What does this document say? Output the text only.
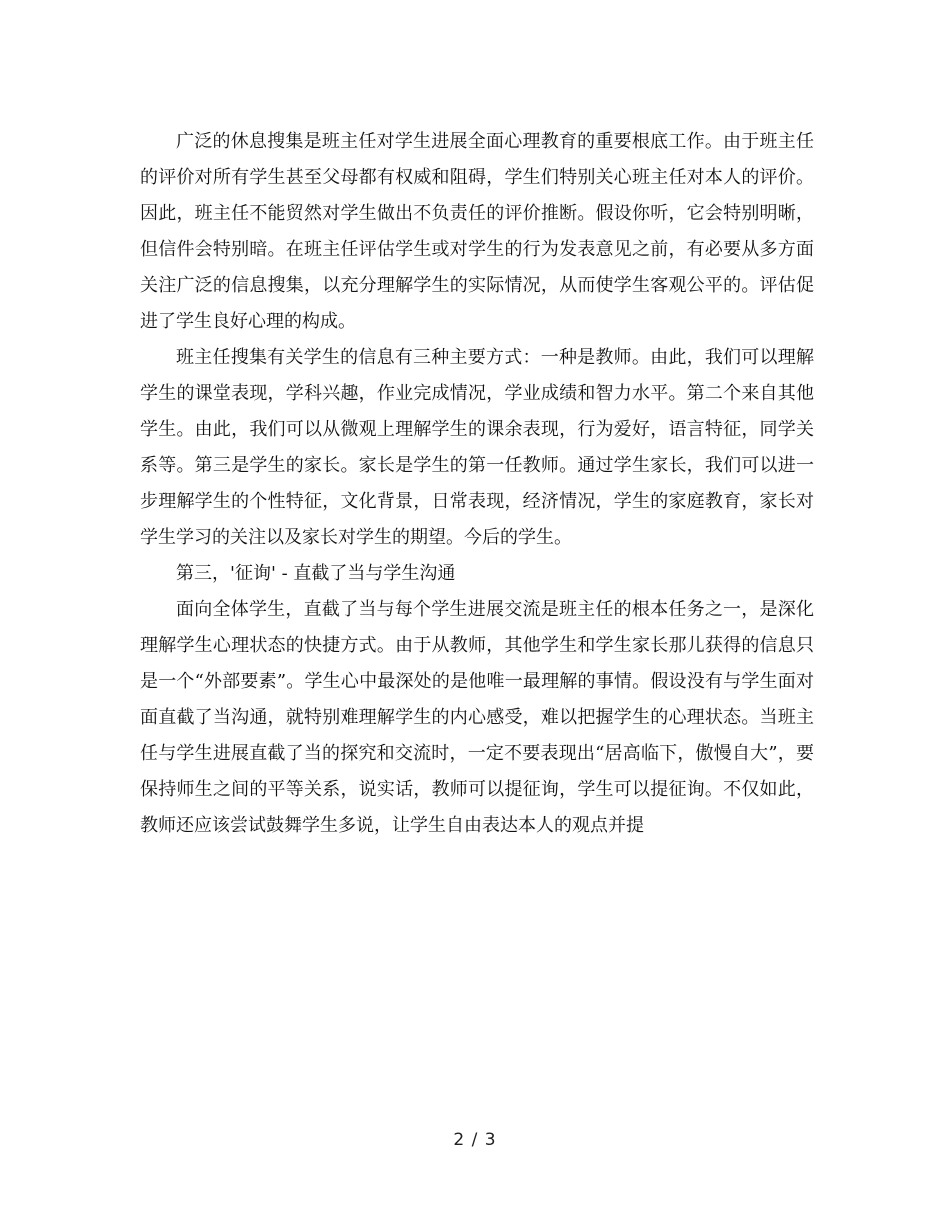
广泛的休息搜集是班主任对学生进展全面心理教育的重要根底工作。由于班主任的评价对所有学生甚至父母都有权威和阻碍，学生们特别关心班主任对本人的评价。因此，班主任不能贸然对学生做出不负责任的评价推断。假设你听，它会特别明晰，但信件会特别暗。在班主任评估学生或对学生的行为发表意见之前，有必要从多方面关注广泛的信息搜集，以充分理解学生的实际情况，从而使学生客观公平的。评估促进了学生良好心理的构成。

班主任搜集有关学生的信息有三种主要方式：一种是教师。由此，我们可以理解学生的课堂表现，学科兴趣，作业完成情况，学业成绩和智力水平。第二个来自其他学生。由此，我们可以从微观上理解学生的课余表现，行为爱好，语言特征，同学关系等。第三是学生的家长。家长是学生的第一任教师。通过学生家长，我们可以进一步理解学生的个性特征，文化背景，日常表现，经济情况，学生的家庭教育，家长对学生学习的关注以及家长对学生的期望。今后的学生。

第三，'征询' - 直截了当与学生沟通

面向全体学生，直截了当与每个学生进展交流是班主任的根本任务之一，是深化理解学生心理状态的快捷方式。由于从教师，其他学生和学生家长那儿获得的信息只是一个“外部要素”。学生心中最深处的是他唯一最理解的事情。假设没有与学生面对面直截了当沟通，就特别难理解学生的内心感受，难以把握学生的心理状态。当班主任与学生进展直截了当的探究和交流时，一定不要表现出“居高临下，傲慢自大”，要保持师生之间的平等关系，说实话，教师可以提征询，学生可以提征询。不仅如此，教师还应该尝试鼓舞学生多说，让学生自由表达本人的观点并提

2 / 3
